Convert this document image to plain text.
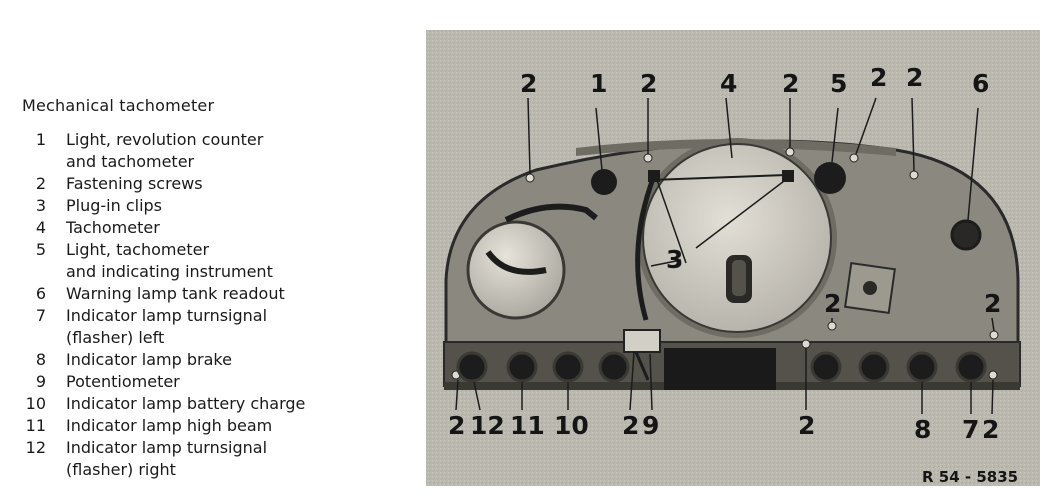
Mechanical tachometer
1 Light, revolution counter
and tachometer
2 Fastening screws
3 Plug-in clips
4 Tachometer
5 Light, tachometer
and indicating instrument
6 Warning lamp tank readout
7 Indicator lamp turnsignal
(flasher) left
8 Indicator lamp brake
9 Potentiometer
10 Indicator lamp battery charge
11 Indicator lamp high beam
12 Indicator lamp turnsignal
(flasher) right
2 1 2	4 2 5 2 2 6
3
2	2
2 12 11 10 2 9	2	8 7 2
R 54 - 5835
